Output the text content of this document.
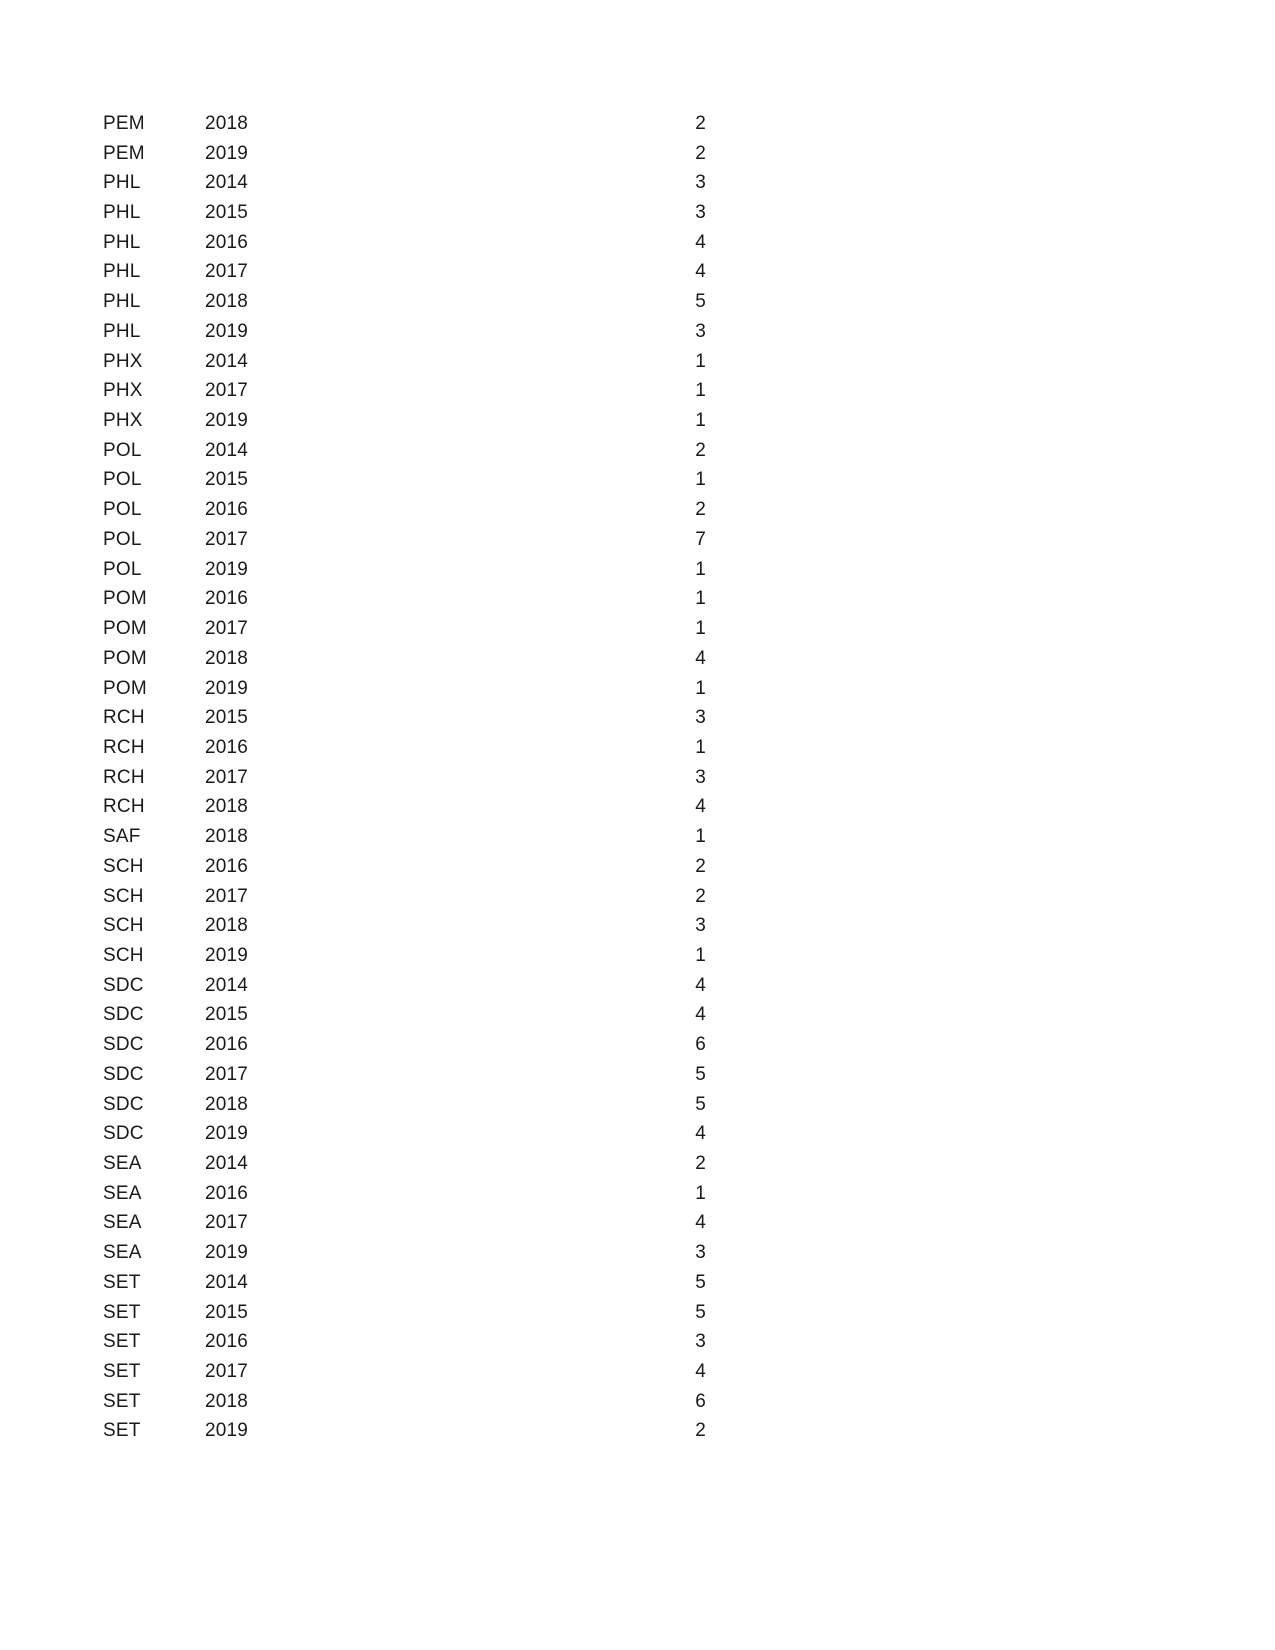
PEM	2018	2
PEM	2019	2
PHL	2014	3
PHL	2015	3
PHL	2016	4
PHL	2017	4
PHL	2018	5
PHL	2019	3
PHX	2014	1
PHX	2017	1
PHX	2019	1
POL	2014	2
POL	2015	1
POL	2016	2
POL	2017	7
POL	2019	1
POM	2016	1
POM	2017	1
POM	2018	4
POM	2019	1
RCH	2015	3
RCH	2016	1
RCH	2017	3
RCH	2018	4
SAF	2018	1
SCH	2016	2
SCH	2017	2
SCH	2018	3
SCH	2019	1
SDC	2014	4
SDC	2015	4
SDC	2016	6
SDC	2017	5
SDC	2018	5
SDC	2019	4
SEA	2014	2
SEA	2016	1
SEA	2017	4
SEA	2019	3
SET	2014	5
SET	2015	5
SET	2016	3
SET	2017	4
SET	2018	6
SET	2019	2
